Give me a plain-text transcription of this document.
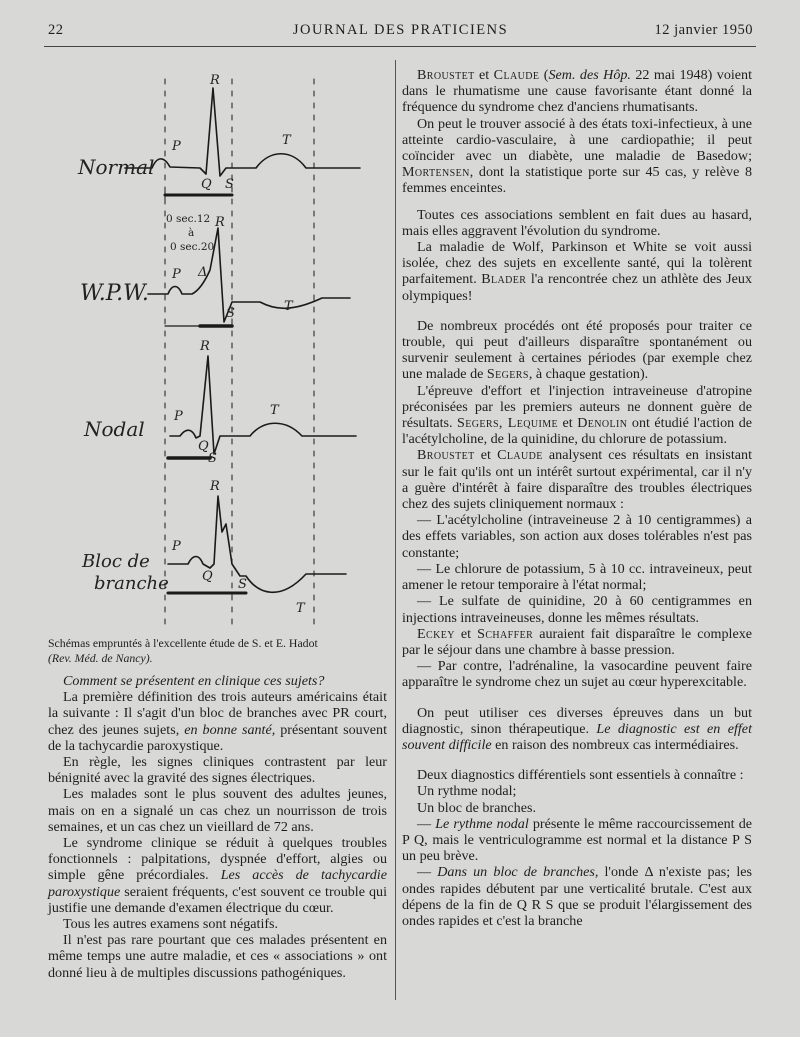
22	JOURNAL DES PRATICIENS	12 janvier 1950
Normal
W.P.W.
Nodal
Bloc de
branche
R
P	T
Q S
R
P Δ
T
S
R
P	T
Q
S
R
P
Q
S
T
0 sec.12
à
0 sec.20
Schémas empruntés à l'excellente étude de S. et E. Hadot
(Rev. Méd. de Nancy).

Comment se présentent en clinique ces sujets?

La première définition des trois auteurs américains était la suivante : Il s'agit d'un bloc de branches avec PR court, chez des jeunes sujets, en bonne santé, présentant souvent de la tachycardie paroxystique.

En règle, les signes cliniques contrastent par leur bénignité avec la gravité des signes électriques.

Les malades sont le plus souvent des adultes jeunes, mais on en a signalé un cas chez un nourrisson de trois semaines, et un cas chez un vieillard de 72 ans.

Le syndrome clinique se réduit à quelques troubles fonctionnels : palpitations, dyspnée d'effort, algies ou simple gêne précordiales. Les accès de tachycardie paroxystique seraient fréquents, c'est souvent ce trouble qui justifie une demande d'examen électrique du cœur.

Tous les autres examens sont négatifs.

Il n'est pas rare pourtant que ces malades présentent en même temps une autre maladie, et ces « associations » ont donné lieu à de multiples discussions pathogéniques.

Broustet et Claude (Sem. des Hôp. 22 mai 1948) voient dans le rhumatisme une cause favorisante étant donné la fréquence du syndrome chez d'anciens rhumatisants.

On peut le trouver associé à des états toxi-infectieux, à une atteinte cardio-vasculaire, à une cardiopathie; il peut coïncider avec un diabète, une maladie de Basedow; Mortensen, dont la statistique porte sur 45 cas, y relève 8 femmes enceintes.

Toutes ces associations semblent en fait dues au hasard, mais elles aggravent l'évolution du syndrome.

La maladie de Wolf, Parkinson et White se voit aussi isolée, chez des sujets en excellente santé, qui la tolèrent parfaitement. Blader l'a rencontrée chez un athlète des Jeux olympiques!

De nombreux procédés ont été proposés pour traiter ce trouble, qui peut d'ailleurs disparaître spontanément ou survenir seulement à certaines périodes (par exemple chez une malade de Segers, à chaque gestation).

L'épreuve d'effort et l'injection intraveineuse d'atropine préconisées par les premiers auteurs ne donnent guère de résultats. Segers, Lequime et Denolin ont étudié l'action de l'acétylcholine, de la quinidine, du chlorure de potassium.

Broustet et Claude analysent ces résultats en insistant sur le fait qu'ils ont un intérêt surtout expérimental, car il n'y a guère d'intérêt à faire disparaître des troubles électriques chez des sujets cliniquement normaux :

— L'acétylcholine (intraveineuse 2 à 10 centigrammes) a des effets variables, son action aux doses tolérables n'est pas constante;

— Le chlorure de potassium, 5 à 10 cc. intraveineux, peut amener le retour temporaire à l'état normal;

— Le sulfate de quinidine, 20 à 60 centigrammes en injections intraveineuses, donne les mêmes résultats.

Eckey et Schaffer auraient fait disparaître le complexe par le séjour dans une chambre à basse pression.

— Par contre, l'adrénaline, la vasocardine peuvent faire apparaître le syndrome chez un sujet au cœur hyperexcitable.

On peut utiliser ces diverses épreuves dans un but diagnostic, sinon thérapeutique. Le diagnostic est en effet souvent difficile en raison des nombreux cas intermédiaires.

Deux diagnostics différentiels sont essentiels à connaître :

Un rythme nodal;

Un bloc de branches.

— Le rythme nodal présente le même raccourcissement de P Q, mais le ventriculogramme est normal et la distance P S un peu brève.

— Dans un bloc de branches, l'onde Δ n'existe pas; les ondes rapides débutent par une verticalité brutale. C'est aux dépens de la fin de Q R S que se produit l'élargissement des ondes rapides et c'est la branche
